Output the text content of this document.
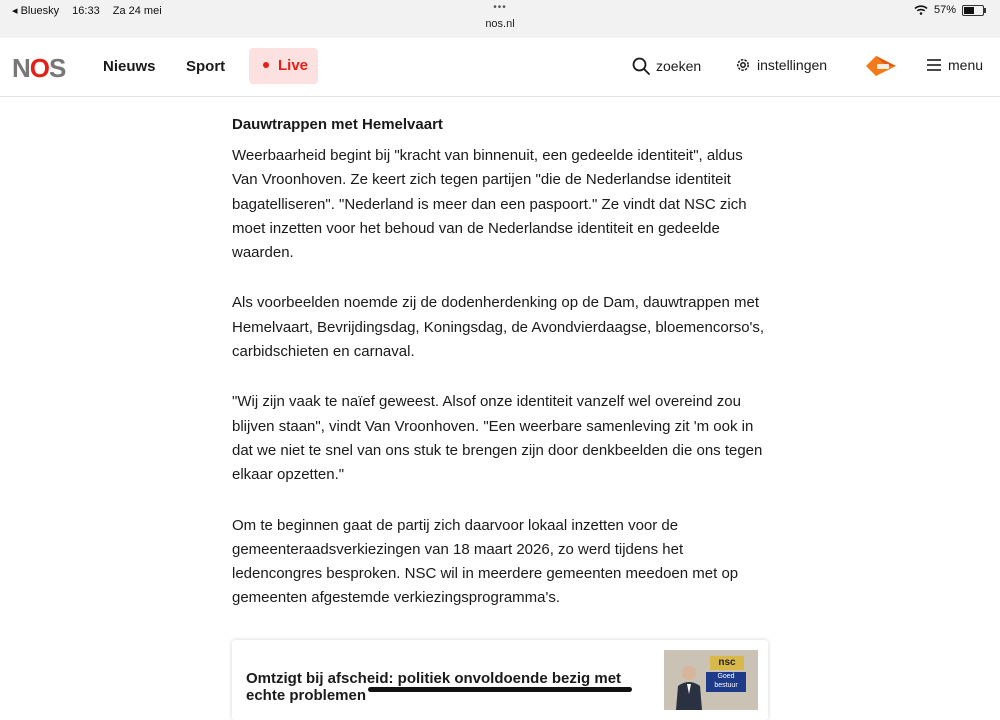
◂ Bluesky 16:33 Za 24 mei	•••
nos.nl
57%
NOS	Nieuws Sport	Live	zoeken	instellingen	menu
Dauwtrappen met Hemelvaart

Weerbaarheid begint bij "kracht van binnenuit, een gedeelde identiteit", aldus Van Vroonhoven. Ze keert zich tegen partijen "die de Nederlandse identiteit bagatelliseren". "Nederland is meer dan een paspoort." Ze vindt dat NSC zich moet inzetten voor het behoud van de Nederlandse identiteit en gedeelde waarden.

Als voorbeelden noemde zij de dodenherdenking op de Dam, dauwtrappen met Hemelvaart, Bevrijdingsdag, Koningsdag, de Avondvierdaagse, bloemencorso's, carbidschieten en carnaval.

"Wij zijn vaak te naïef geweest. Alsof onze identiteit vanzelf wel overeind zou blijven staan", vindt Van Vroonhoven. "Een weerbare samenleving zit 'm ook in dat we niet te snel van ons stuk te brengen zijn door denkbeelden die ons tegen elkaar opzetten."

Om te beginnen gaat de partij zich daarvoor lokaal inzetten voor de gemeenteraadsverkiezingen van 18 maart 2026, zo werd tijdens het ledencongres besproken. NSC wil in meerdere gemeenten meedoen met op gemeenten afgestemde verkiezingsprogramma's.

Omtzigt bij afscheid: politiek onvoldoende bezig met echte problemen
nsc
Goed bestuur
